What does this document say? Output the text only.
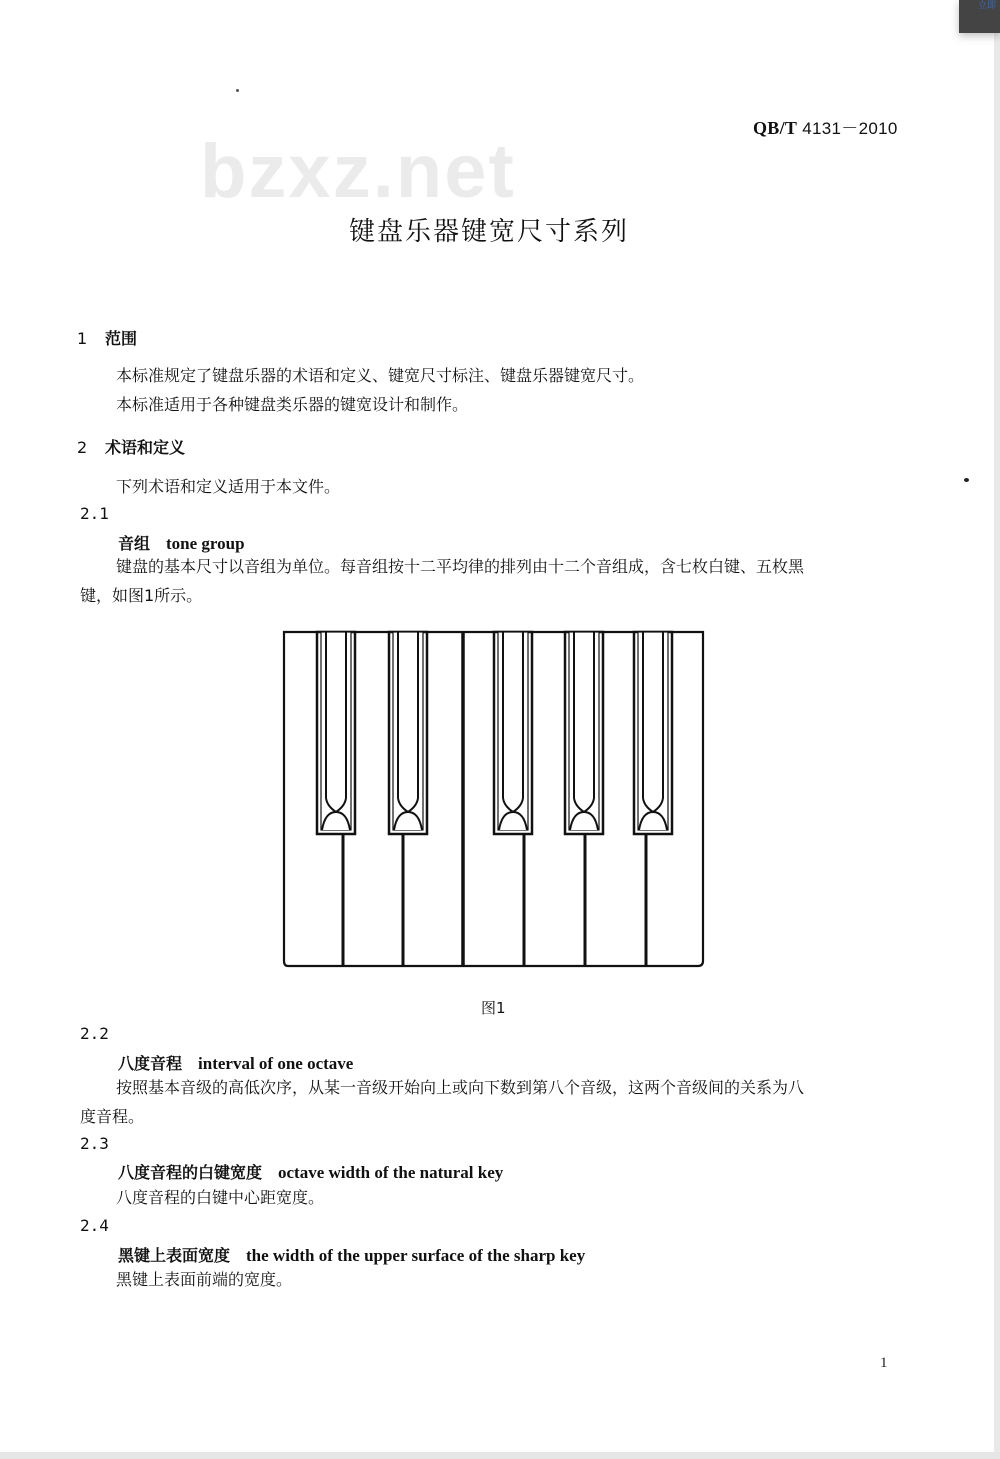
立即
QB/T 4131－2010
bzxz.net
键盘乐器键宽尺寸系列
1 范围
本标准规定了键盘乐器的术语和定义、键宽尺寸标注、键盘乐器键宽尺寸。
本标准适用于各种键盘类乐器的键宽设计和制作。
2 术语和定义
下列术语和定义适用于本文件。
2.1
音组 tone group
键盘的基本尺寸以音组为单位。每音组按十二平均律的排列由十二个音组成，含七枚白键、五枚黑
键，如图1所示。
图1
2.2
八度音程 interval of one octave
按照基本音级的高低次序，从某一音级开始向上或向下数到第八个音级，这两个音级间的关系为八
度音程。
2.3
八度音程的白键宽度 octave width of the natural key
八度音程的白键中心距宽度。
2.4
黑键上表面宽度 the width of the upper surface of the sharp key
黑键上表面前端的宽度。
1
